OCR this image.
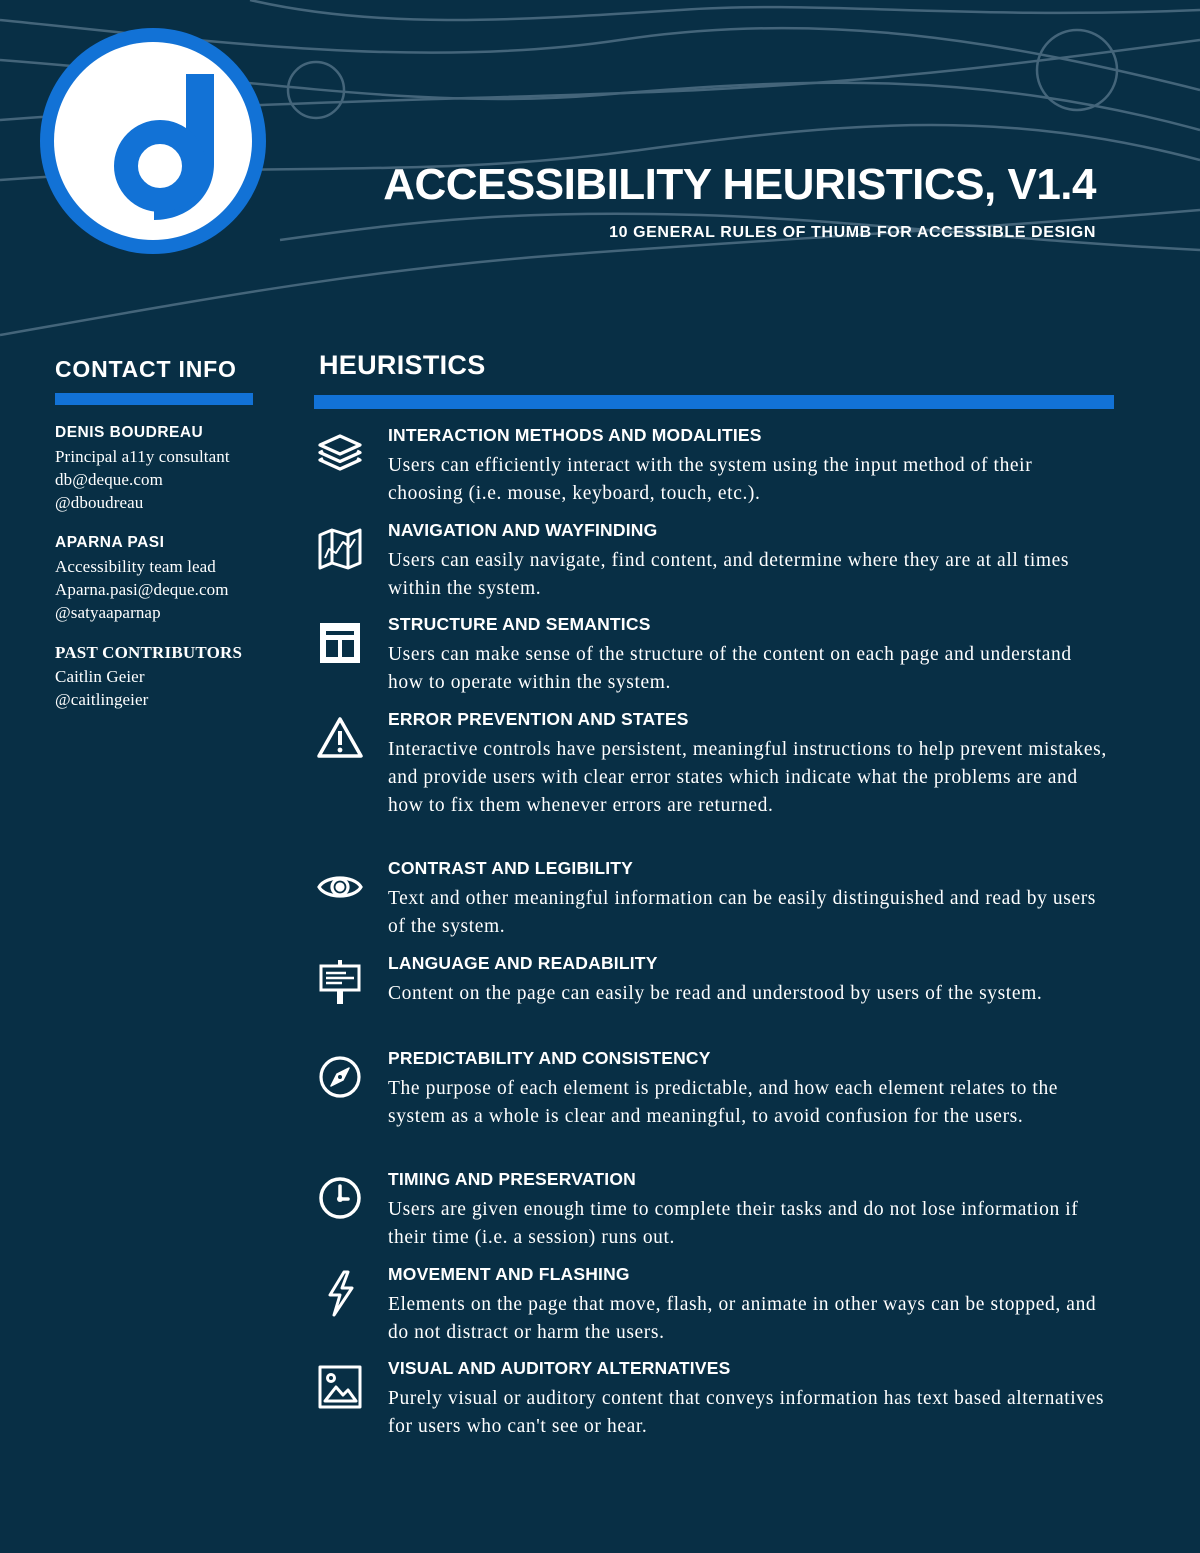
ACCESSIBILITY HEURISTICS, V1.4

10 GENERAL RULES OF THUMB FOR ACCESSIBLE DESIGN

CONTACT INFO
DENIS BOUDREAU
Principal a11y consultant
db@deque.com
@dboudreau
APARNA PASI
Accessibility team lead
Aparna.pasi@deque.com
@satyaaparnap
PAST CONTRIBUTORS
Caitlin Geier
@caitlingeier
HEURISTICS
INTERACTION METHODS AND MODALITIES
Users can efficiently interact with the system using the input method of their choosing (i.e. mouse, keyboard, touch, etc.).
NAVIGATION AND WAYFINDING
Users can easily navigate, find content, and determine where they are at all times within the system.
STRUCTURE AND SEMANTICS
Users can make sense of the structure of the content on each page and understand how to operate within the system.
ERROR PREVENTION AND STATES
Interactive controls have persistent, meaningful instructions to help prevent mistakes, and provide users with clear error states which indicate what the problems are and how to fix them whenever errors are returned.
CONTRAST AND LEGIBILITY
Text and other meaningful information can be easily distinguished and read by users of the system.
LANGUAGE AND READABILITY
Content on the page can easily be read and understood by users of the system.
PREDICTABILITY AND CONSISTENCY
The purpose of each element is predictable, and how each element relates to the system as a whole is clear and meaningful, to avoid confusion for the users.
TIMING AND PRESERVATION
Users are given enough time to complete their tasks and do not lose information if their time (i.e. a session) runs out.
MOVEMENT AND FLASHING
Elements on the page that move, flash, or animate in other ways can be stopped, and do not distract or harm the users.
VISUAL AND AUDITORY ALTERNATIVES
Purely visual or auditory content that conveys information has text based alternatives for users who can't see or hear.
